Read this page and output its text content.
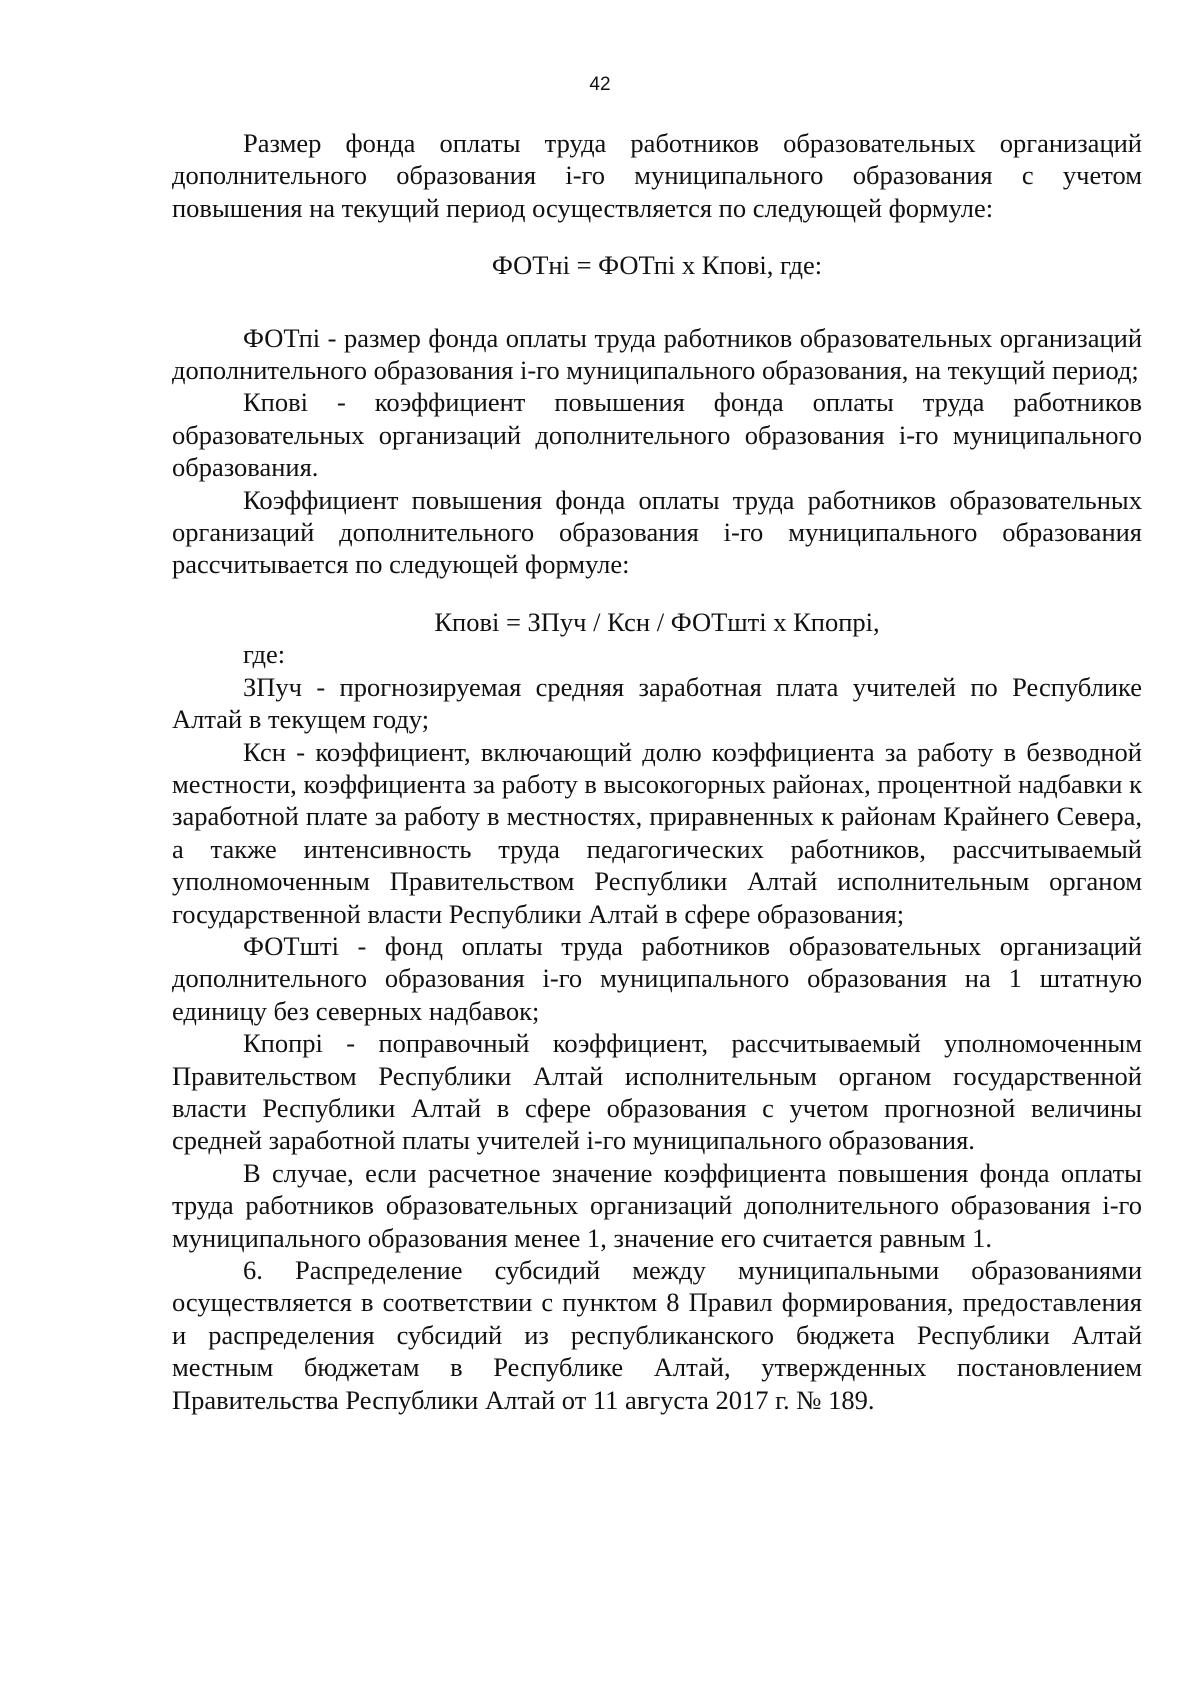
42

Размер фонда оплаты труда работников образовательных организаций дополнительного образования i-го муниципального образования с учетом повышения на текущий период осуществляется по следующей формуле:

ФОТнi = ФОТпi х Кповi, где:

ФОТпi - размер фонда оплаты труда работников образовательных организаций дополнительного образования i-го муниципального образования, на текущий период;

Кповi - коэффициент повышения фонда оплаты труда работников образовательных организаций дополнительного образования i-го муниципального образования.

Коэффициент повышения фонда оплаты труда работников образовательных организаций дополнительного образования i-го муниципального образования рассчитывается по следующей формуле:

Кповi = ЗПуч / Ксн / ФОТштi х Кпопрi,

где:

ЗПуч - прогнозируемая средняя заработная плата учителей по Республике Алтай в текущем году;

Ксн - коэффициент, включающий долю коэффициента за работу в безводной местности, коэффициента за работу в высокогорных районах, процентной надбавки к заработной плате за работу в местностях, приравненных к районам Крайнего Севера, а также интенсивность труда педагогических работников, рассчитываемый уполномоченным Правительством Республики Алтай исполнительным органом государственной власти Республики Алтай в сфере образования;

ФОТштi - фонд оплаты труда работников образовательных организаций дополнительного образования i-го муниципального образования на 1 штатную единицу без северных надбавок;

Кпопрi - поправочный коэффициент, рассчитываемый уполномоченным Правительством Республики Алтай исполнительным органом государственной власти Республики Алтай в сфере образования с учетом прогнозной величины средней заработной платы учителей i-го муниципального образования.

В случае, если расчетное значение коэффициента повышения фонда оплаты труда работников образовательных организаций дополнительного образования i-го муниципального образования менее 1, значение его считается равным 1.

6. Распределение субсидий между муниципальными образованиями осуществляется в соответствии с пунктом 8 Правил формирования, предоставления и распределения субсидий из республиканского бюджета Республики Алтай местным бюджетам в Республике Алтай, утвержденных постановлением Правительства Республики Алтай от 11 августа 2017 г. № 189.
